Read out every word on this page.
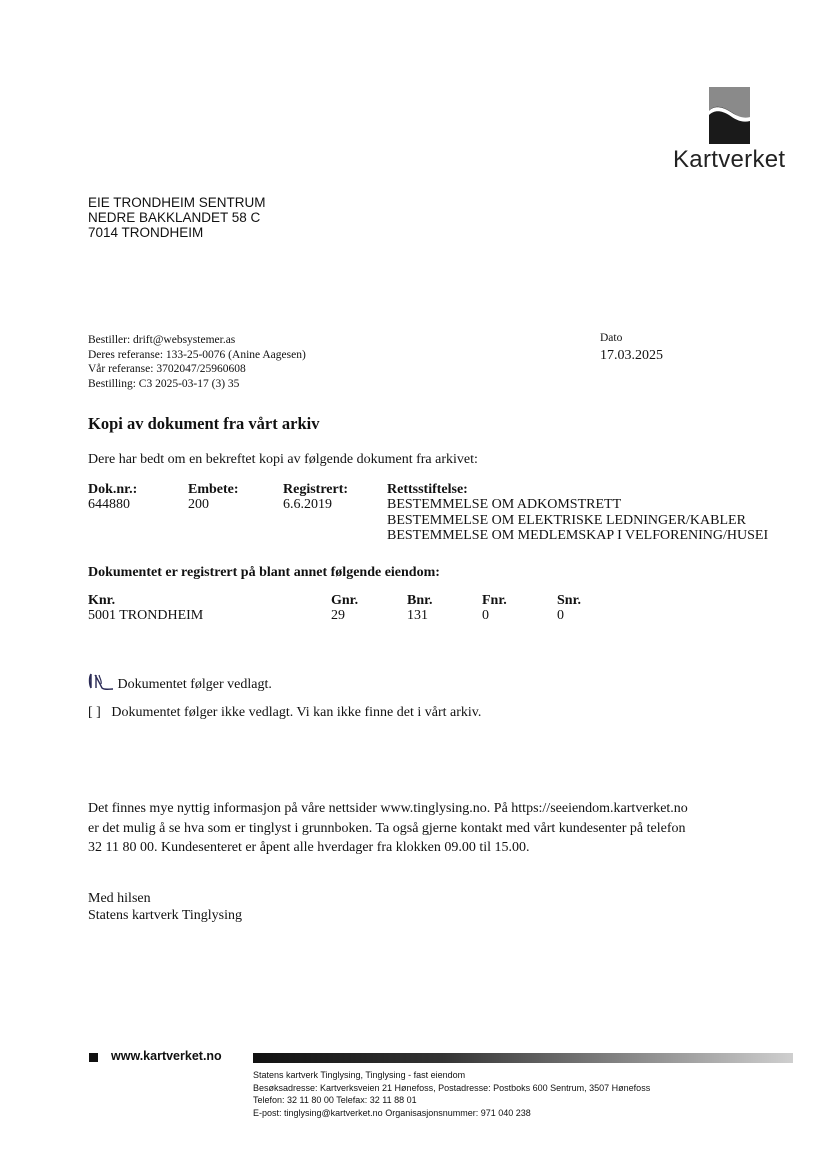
Kartverket
EIE TRONDHEIM SENTRUM
NEDRE BAKKLANDET 58 C
7014 TRONDHEIM
Bestiller: drift@websystemer.as
Deres referanse: 133-25-0076 (Anine Aagesen)
Vår referanse: 3702047/25960608
Bestilling: C3 2025-03-17 (3) 35
Dato
17.03.2025
Kopi av dokument fra vårt arkiv
Dere har bedt om en bekreftet kopi av følgende dokument fra arkivet:
Dok.nr.:	Embete:	Registrert:	Rettsstiftelse:
644880	200	6.6.2019	BESTEMMELSE OM ADKOMSTRETT
BESTEMMELSE OM ELEKTRISKE LEDNINGER/KABLER
BESTEMMELSE OM MEDLEMSKAP I VELFORENING/HUSEI
Dokumentet er registrert på blant annet følgende eiendom:
Knr.	Gnr.	Bnr.	Fnr.	Snr.
5001 TRONDHEIM	29	131	0	0
Dokumentet følger vedlagt.
[ ] Dokumentet følger ikke vedlagt. Vi kan ikke finne det i vårt arkiv.
Det finnes mye nyttig informasjon på våre nettsider www.tinglysing.no. På https://seeiendom.kartverket.no er det mulig å se hva som er tinglyst i grunnboken. Ta også gjerne kontakt med vårt kundesenter på telefon 32 11 80 00. Kundesenteret er åpent alle hverdager fra klokken 09.00 til 15.00.
Med hilsen
Statens kartverk Tinglysing
www.kartverket.no
Statens kartverk Tinglysing, Tinglysing - fast eiendom
Besøksadresse: Kartverksveien 21 Hønefoss, Postadresse: Postboks 600 Sentrum, 3507 Hønefoss
Telefon: 32 11 80 00 Telefax: 32 11 88 01
E-post: tinglysing@kartverket.no Organisasjonsnummer: 971 040 238
